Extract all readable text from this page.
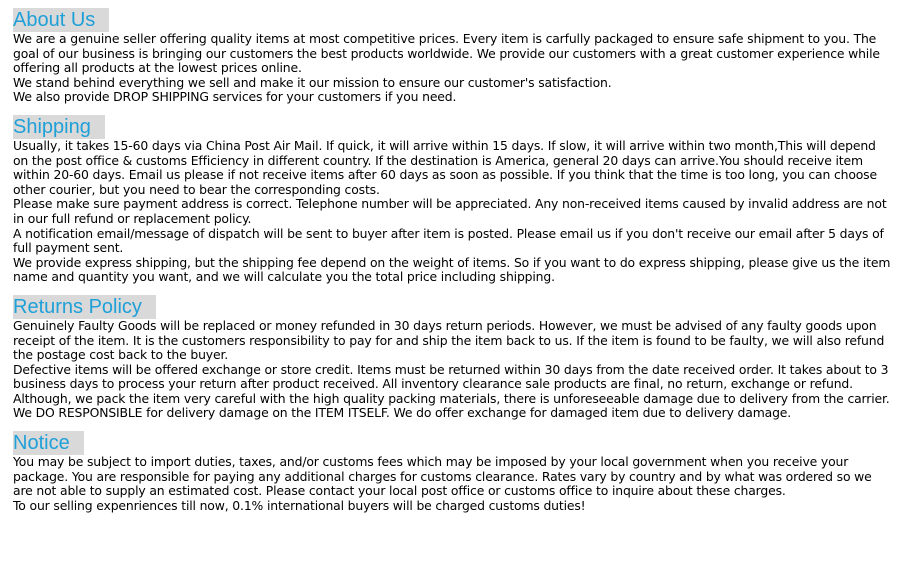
About Us

We are a genuine seller offering quality items at most competitive prices. Every item is carfully packaged to ensure safe shipment to you. The goal of our business is bringing our customers the best products worldwide. We provide our customers with a great customer experience while offering all products at the lowest prices online.

We stand behind everything we sell and make it our mission to ensure our customer's satisfaction.

We also provide DROP SHIPPING services for your customers if you need.

Shipping

Usually, it takes 15-60 days via China Post Air Mail. If quick, it will arrive within 15 days. If slow, it will arrive within two month,This will depend on the post office & customs Efficiency in different country. If the destination is America, general 20 days can arrive.You should receive item within 20-60 days. Email us please if not receive items after 60 days as soon as possible. If you think that the time is too long, you can choose other courier, but you need to bear the corresponding costs.

Please make sure payment address is correct. Telephone number will be appreciated. Any non-received items caused by invalid address are not in our full refund or replacement policy.

A notification email/message of dispatch will be sent to buyer after item is posted. Please email us if you don't receive our email after 5 days of full payment sent.

We provide express shipping, but the shipping fee depend on the weight of items. So if you want to do express shipping, please give us the item name and quantity you want, and we will calculate you the total price including shipping.

Returns Policy

Genuinely Faulty Goods will be replaced or money refunded in 30 days return periods. However, we must be advised of any faulty goods upon receipt of the item. It is the customers responsibility to pay for and ship the item back to us. If the item is found to be faulty, we will also refund the postage cost back to the buyer.

Defective items will be offered exchange or store credit. Items must be returned within 30 days from the date received order. It takes about to 3 business days to process your return after product received. All inventory clearance sale products are final, no return, exchange or refund.

Although, we pack the item very careful with the high quality packing materials, there is unforeseeable damage due to delivery from the carrier. We DO RESPONSIBLE for delivery damage on the ITEM ITSELF. We do offer exchange for damaged item due to delivery damage.

Notice

You may be subject to import duties, taxes, and/or customs fees which may be imposed by your local government when you receive your package. You are responsible for paying any additional charges for customs clearance. Rates vary by country and by what was ordered so we are not able to supply an estimated cost. Please contact your local post office or customs office to inquire about these charges.

To our selling expenriences till now, 0.1% international buyers will be charged customs duties!
